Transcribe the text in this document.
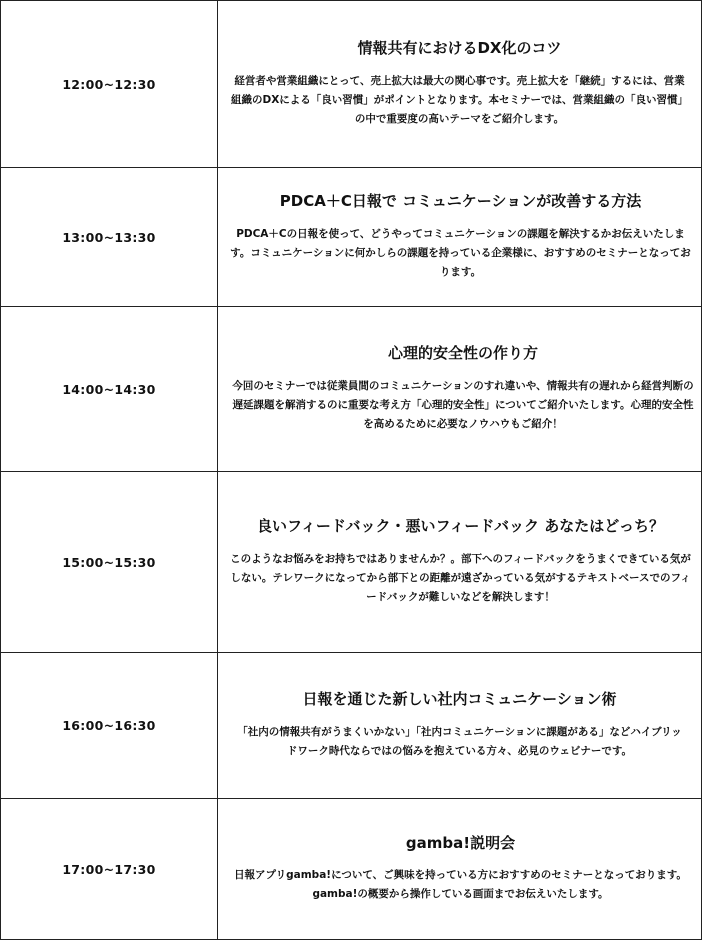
12:00~12:30
情報共有におけるDX化のコツ

経営者や営業組織にとって、売上拡大は最大の関心事です。売上拡大を「継続」するには、営業組織のDXによる「良い習慣」がポイントとなります。本セミナーでは、営業組織の「良い習慣」の中で重要度の高いテーマをご紹介します。

13:00~13:30
PDCA＋C日報で コミュニケーションが改善する方法

PDCA＋Cの日報を使って、どうやってコミュニケーションの課題を解決するかお伝えいたします。コミュニケーションに何かしらの課題を持っている企業様に、おすすめのセミナーとなっております。

14:00~14:30
心理的安全性の作り方

今回のセミナーでは従業員間のコミュニケーションのすれ違いや、情報共有の遅れから経営判断の遅延課題を解消するのに重要な考え方「心理的安全性」についてご紹介いたします。心理的安全性を高めるために必要なノウハウもご紹介！

15:00~15:30
良いフィードバック・悪いフィードバック あなたはどっち？

このようなお悩みをお持ちではありませんか？。部下へのフィードバックをうまくできている気がしない。テレワークになってから部下との距離が遠ざかっている気がするテキストベースでのフィードバックが難しいなどを解決します！

16:00~16:30
日報を通じた新しい社内コミュニケーション術

「社内の情報共有がうまくいかない」「社内コミュニケーションに課題がある」などハイブリッドワーク時代ならではの悩みを抱えている方々、必見のウェビナーです。

17:00~17:30
gamba!説明会

日報アプリgamba!について、ご興味を持っている方におすすめのセミナーとなっております。gamba!の概要から操作している画面までお伝えいたします。
